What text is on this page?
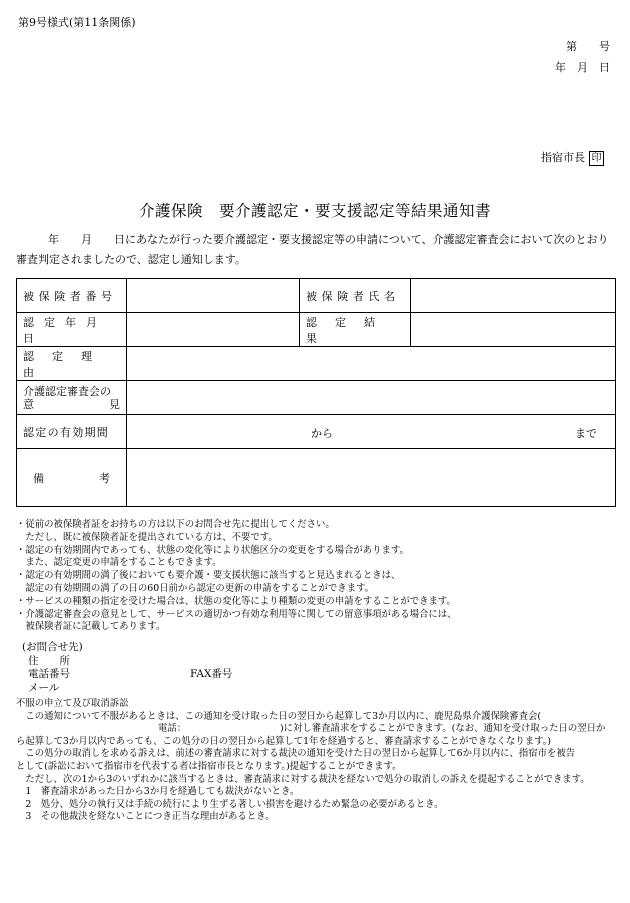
第9号様式(第11条関係)
第　　号
年　月　日
指宿市長 印
介護保険　要介護認定・要支援認定等結果通知書
年　　月　　日にあなたが行った要介護認定・要支援認定等の申請について、介護認定審査会において次のとおり審査判定されましたので、認定し通知します。
被保険者番号		被保険者氏名	

認定年月日		認定結果	

認定理由			

介護認定審査会の
意 見			

認定の有効期間	から まで		

備 考			

・従前の被保険者証をお持ちの方は以下のお問合せ先に提出してください。
　ただし、既に被保険者証を提出されている方は、不要です。
・認定の有効期間内であっても、状態の変化等により状態区分の変更をする場合があります。
　また、認定変更の申請をすることもできます。
・認定の有効期間の満了後においても要介護・要支援状態に該当すると見込まれるときは、
　認定の有効期間の満了の日の60日前から認定の更新の申請をすることができます。
・サービスの種類の指定を受けた場合は、状態の変化等により種類の変更の申請をすることができます。
・介護認定審査会の意見として、サービスの適切かつ有効な利用等に関しての留意事項がある場合には、
　被保険者証に記載してあります。
(お問合せ先)
住　　所
電話番号	FAX番号
メール
不服の申立て及び取消訴訟
　この通知について不服があるときは、この通知を受け取った日の翌日から起算して3か月以内に、鹿児島県介護保険審査会(
電話：	)に対し審査請求をすることができます。(なお、通知を受け取った日の翌日か
ら起算して3か月以内であっても、この処分の日の翌日から起算して1年を経過すると、審査請求することができなくなります。)
　この処分の取消しを求める訴えは、前述の審査請求に対する裁決の通知を受けた日の翌日から起算して6か月以内に、指宿市を被告
として(訴訟において指宿市を代表する者は指宿市長となります。)提起することができます。
　ただし、次の1から3のいずれかに該当するときは、審査請求に対する裁決を経ないで処分の取消しの訴えを提起することができます。
　1　審査請求があった日から3か月を経過しても裁決がないとき。
　2　処分、処分の執行又は手続の続行により生ずる著しい損害を避けるため緊急の必要があるとき。
　3　その他裁決を経ないことにつき正当な理由があるとき。
